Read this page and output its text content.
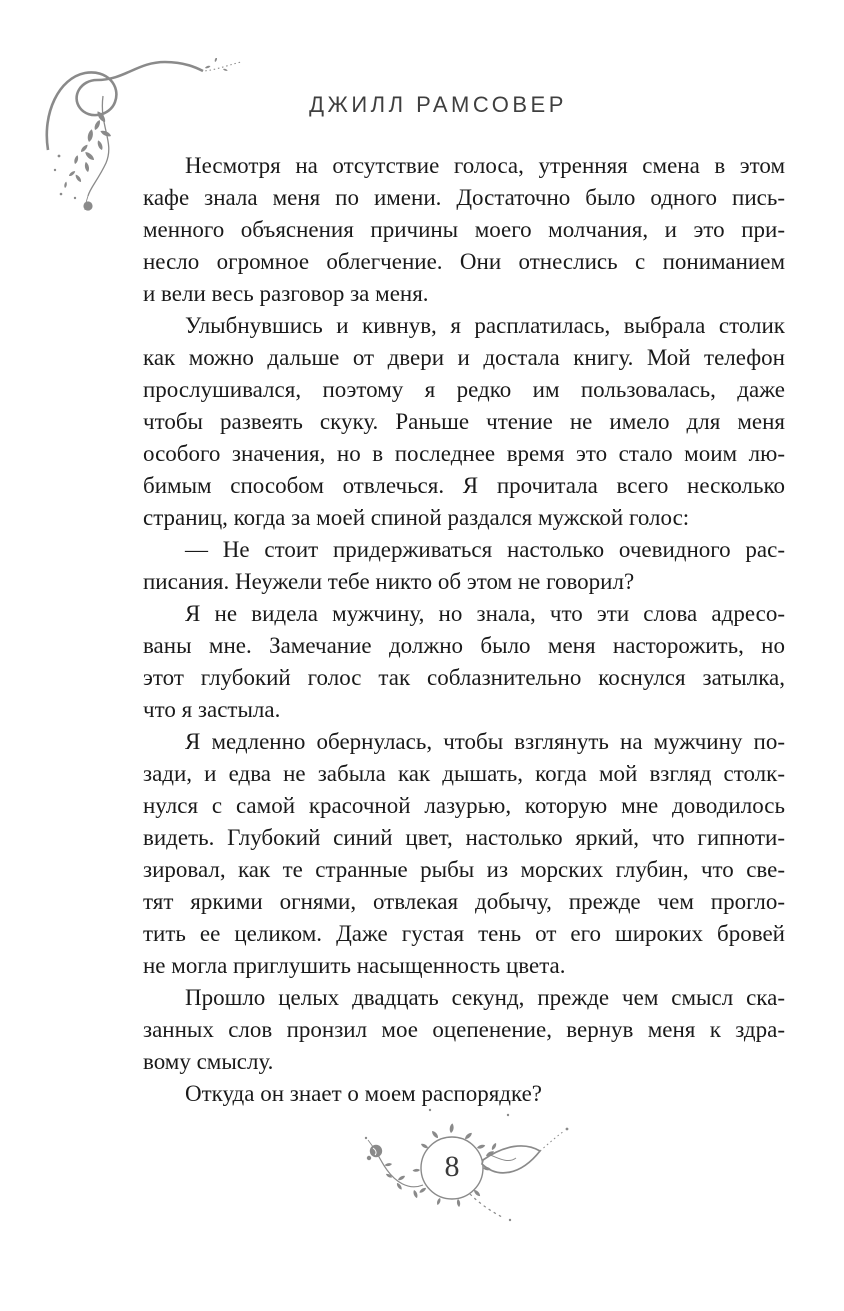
ДЖИЛЛ РАМСОВЕР
Несмотря на отсутствие голоса, утренняя смена в этом
кафе знала меня по имени. Достаточно было одного пись-
менного объяснения причины моего молчания, и это при-
несло огромное облегчение. Они отнеслись с пониманием
и вели весь разговор за меня.
Улыбнувшись и кивнув, я расплатилась, выбрала столик
как можно дальше от двери и достала книгу. Мой телефон
прослушивался, поэтому я редко им пользовалась, даже
чтобы развеять скуку. Раньше чтение не имело для меня
особого значения, но в последнее время это стало моим лю-
бимым способом отвлечься. Я прочитала всего несколько
страниц, когда за моей спиной раздался мужской голос:
— Не стоит придерживаться настолько очевидного рас-
писания. Неужели тебе никто об этом не говорил?
Я не видела мужчину, но знала, что эти слова адресо-
ваны мне. Замечание должно было меня насторожить, но
этот глубокий голос так соблазнительно коснулся затылка,
что я застыла.
Я медленно обернулась, чтобы взглянуть на мужчину по-
зади, и едва не забыла как дышать, когда мой взгляд столк-
нулся с самой красочной лазурью, которую мне доводилось
видеть. Глубокий синий цвет, настолько яркий, что гипноти-
зировал, как те странные рыбы из морских глубин, что све-
тят яркими огнями, отвлекая добычу, прежде чем прогло-
тить ее целиком. Даже густая тень от его широких бровей
не могла приглушить насыщенность цвета.
Прошло целых двадцать секунд, прежде чем смысл ска-
занных слов пронзил мое оцепенение, вернув меня к здра-
вому смыслу.
Откуда он знает о моем распорядке?
8
